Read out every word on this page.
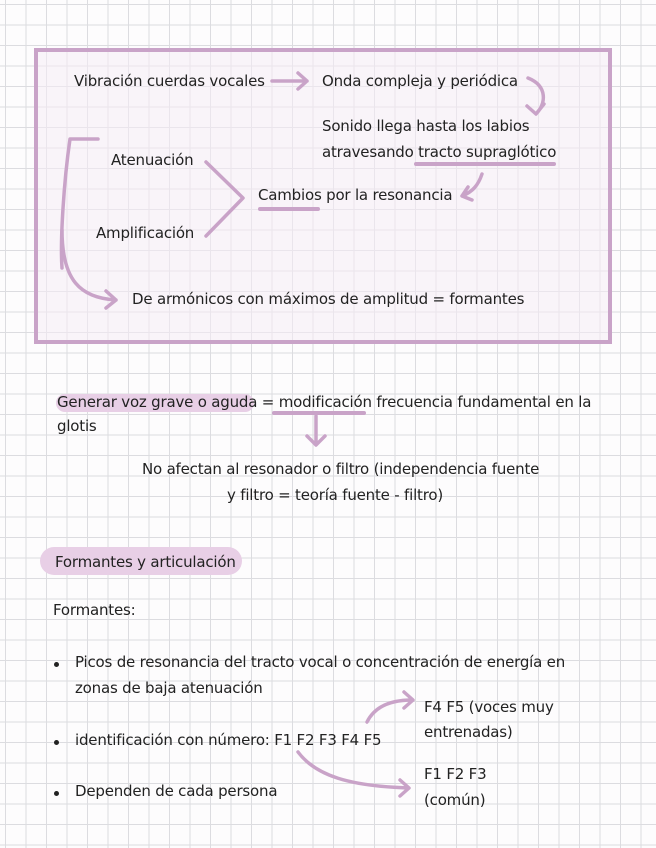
Vibración cuerdas vocales	Onda compleja y periódica
Sonido llega hasta los labios
atravesando tracto supraglótico
Atenuación
Amplificación
Cambios por la resonancia
De armónicos con máximos de amplitud = formantes
Generar voz grave o aguda = modificación frecuencia fundamental en la
glotis
No afectan al resonador o filtro (independencia fuente
y filtro = teoría fuente - filtro)
Formantes y articulación
Formantes:
Picos de resonancia del tracto vocal o concentración de energía en
zonas de baja atenuación
identificación con número: F1 F2 F3 F4 F5
Dependen de cada persona
F4 F5 (voces muy
entrenadas)
F1 F2 F3
(común)
